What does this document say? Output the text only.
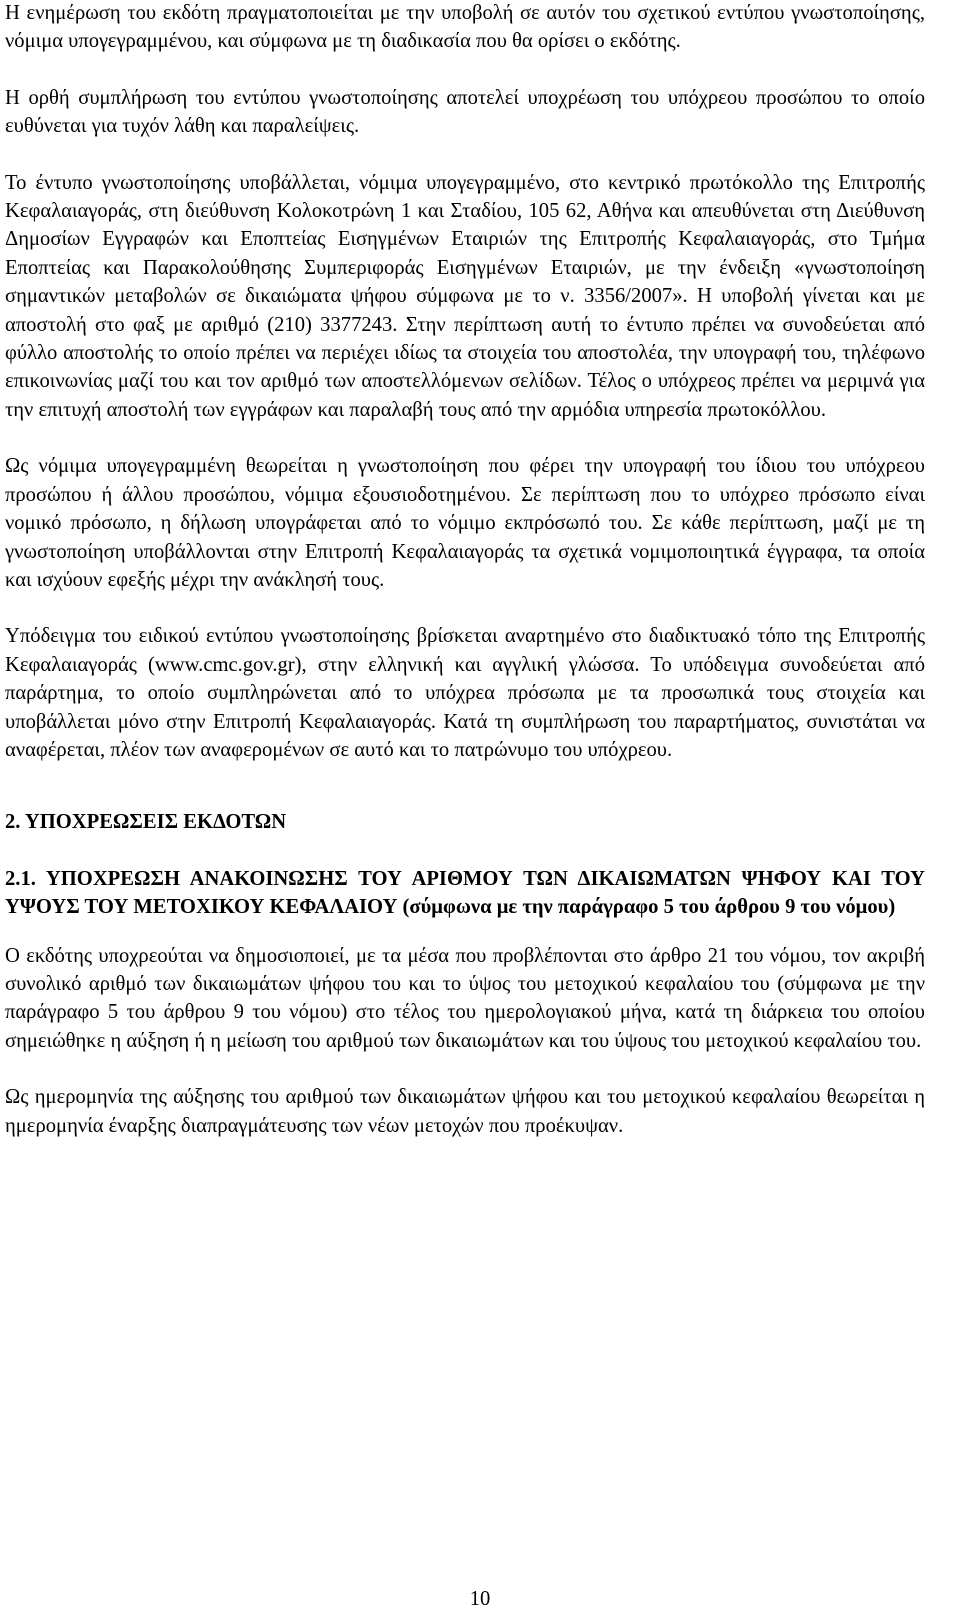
Η ενημέρωση του εκδότη πραγματοποιείται με την υποβολή σε αυτόν του σχετικού εντύπου γνωστοποίησης, νόμιμα υπογεγραμμένου, και σύμφωνα με τη διαδικασία που θα ορίσει ο εκδότης.

Η ορθή συμπλήρωση του εντύπου γνωστοποίησης αποτελεί υποχρέωση του υπόχρεου προσώπου το οποίο ευθύνεται για τυχόν λάθη και παραλείψεις.

Το έντυπο γνωστοποίησης υποβάλλεται, νόμιμα υπογεγραμμένο, στο κεντρικό πρωτόκολλο της Επιτροπής Κεφαλαιαγοράς, στη διεύθυνση Κολοκοτρώνη 1 και Σταδίου, 105 62, Αθήνα και απευθύνεται στη Διεύθυνση Δημοσίων Εγγραφών και Εποπτείας Εισηγμένων Εταιριών της Επιτροπής Κεφαλαιαγοράς, στο Τμήμα Εποπτείας και Παρακολούθησης Συμπεριφοράς Εισηγμένων Εταιριών, με την ένδειξη «γνωστοποίηση σημαντικών μεταβολών σε δικαιώματα ψήφου σύμφωνα με το ν. 3356/2007». Η υποβολή γίνεται και με αποστολή στο φαξ με αριθμό (210) 3377243. Στην περίπτωση αυτή το έντυπο πρέπει να συνοδεύεται από φύλλο αποστολής το οποίο πρέπει να περιέχει ιδίως τα στοιχεία του αποστολέα, την υπογραφή του, τηλέφωνο επικοινωνίας μαζί του και τον αριθμό των αποστελλόμενων σελίδων. Τέλος ο υπόχρεος πρέπει να μεριμνά για την επιτυχή αποστολή των εγγράφων και παραλαβή τους από την αρμόδια υπηρεσία πρωτοκόλλου.

Ως νόμιμα υπογεγραμμένη θεωρείται η γνωστοποίηση που φέρει την υπογραφή του ίδιου του υπόχρεου προσώπου ή άλλου προσώπου, νόμιμα εξουσιοδοτημένου. Σε περίπτωση που το υπόχρεο πρόσωπο είναι νομικό πρόσωπο, η δήλωση υπογράφεται από το νόμιμο εκπρόσωπό του. Σε κάθε περίπτωση, μαζί με τη γνωστοποίηση υποβάλλονται στην Επιτροπή Κεφαλαιαγοράς τα σχετικά νομιμοποιητικά έγγραφα, τα οποία και ισχύουν εφεξής μέχρι την ανάκλησή τους.

Υπόδειγμα του ειδικού εντύπου γνωστοποίησης βρίσκεται αναρτημένο στο διαδικτυακό τόπο της Επιτροπής Κεφαλαιαγοράς (www.cmc.gov.gr), στην ελληνική και αγγλική γλώσσα. Το υπόδειγμα συνοδεύεται από παράρτημα, το οποίο συμπληρώνεται από το υπόχρεα πρόσωπα με τα προσωπικά τους στοιχεία και υποβάλλεται μόνο στην Επιτροπή Κεφαλαιαγοράς. Κατά τη συμπλήρωση του παραρτήματος, συνιστάται να αναφέρεται, πλέον των αναφερομένων σε αυτό και το πατρώνυμο του υπόχρεου.

2. ΥΠΟΧΡΕΩΣΕΙΣ ΕΚΔΟΤΩΝ

2.1. ΥΠΟΧΡΕΩΣΗ ΑΝΑΚΟΙΝΩΣΗΣ ΤΟΥ ΑΡΙΘΜΟΥ ΤΩΝ ΔΙΚΑΙΩΜΑΤΩΝ ΨΗΦΟΥ ΚΑΙ ΤΟΥ ΥΨΟΥΣ ΤΟΥ ΜΕΤΟΧΙΚΟΥ ΚΕΦΑΛΑΙΟΥ (σύμφωνα με την παράγραφο 5 του άρθρου 9 του νόμου)

Ο εκδότης υποχρεούται να δημοσιοποιεί, με τα μέσα που προβλέπονται στο άρθρο 21 του νόμου, τον ακριβή συνολικό αριθμό των δικαιωμάτων ψήφου του και το ύψος του μετοχικού κεφαλαίου του (σύμφωνα με την παράγραφο 5 του άρθρου 9 του νόμου) στο τέλος του ημερολογιακού μήνα, κατά τη διάρκεια του οποίου σημειώθηκε η αύξηση ή η μείωση του αριθμού των δικαιωμάτων και του ύψους του μετοχικού κεφαλαίου του.

Ως ημερομηνία της αύξησης του αριθμού των δικαιωμάτων ψήφου και του μετοχικού κεφαλαίου θεωρείται η ημερομηνία έναρξης διαπραγμάτευσης των νέων μετοχών που προέκυψαν.

10
